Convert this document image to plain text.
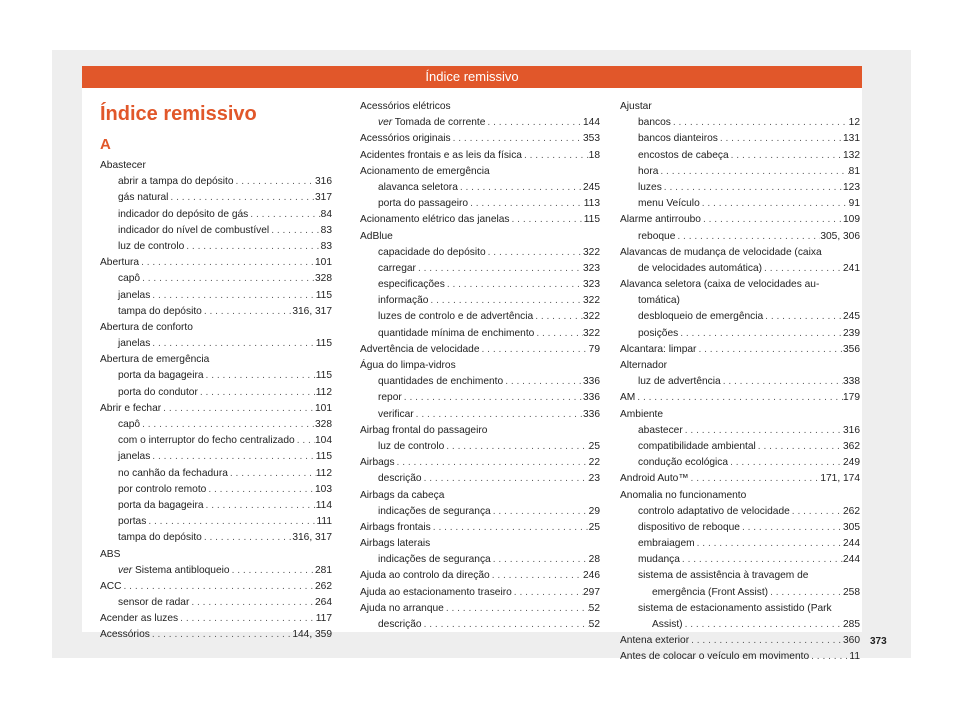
Índice remissivo
Índice remissivo
A
Abastecer
abrir a tampa do depósito . . .	316
gás natural . . .	317
indicador do depósito de gás . . .	84
indicador do nível de combustível . . .	83
luz de controlo . . .	83
Abertura . . .	101
capô . . .	328
janelas . . .	115
tampa do depósito . . .	316, 317
Abertura de conforto
janelas . . .	115
Abertura de emergência
porta da bagageira . . .	115
porta do condutor . . .	112
Abrir e fechar . . .	101
capô . . .	328
com o interruptor do fecho centralizado . . . 104
janelas . . .	115
no canhão da fechadura . . .	112
por controlo remoto . . .	103
porta da bagageira . . .	114
portas . . .	111
tampa do depósito . . .	316, 317
ABS
ver Sistema antibloqueio . . .	281
ACC . . .	262
sensor de radar . . .	264
Acender as luzes . . .	117
Acessórios . . .	144, 359
Acessórios elétricos
ver Tomada de corrente . . .	144
Acessórios originais . . .	353
Acidentes frontais e as leis da física . . .	18
Acionamento de emergência
alavanca seletora . . .	245
porta do passageiro . . .	113
Acionamento elétrico das janelas . . .	115
AdBlue
capacidade do depósito . . .	322
carregar . . .	323
especificações . . .	323
informação . . .	322
luzes de controlo e de advertência . . .	322
quantidade mínima de enchimento . . .	322
Advertência de velocidade . . .	79
Água do limpa-vidros
quantidades de enchimento . . .	336
repor . . .	336
verificar . . .	336
Airbag frontal do passageiro
luz de controlo . . .	25
Airbags . . .	22
descrição . . .	23
Airbags da cabeça
indicações de segurança . . .	29
Airbags frontais . . .	25
Airbags laterais
indicações de segurança . . .	28
Ajuda ao controlo da direção . . .	246
Ajuda ao estacionamento traseiro . . .	297
Ajuda no arranque . . .	52
descrição . . .	52
Ajustar
bancos . . .	12
bancos dianteiros . . .	131
encostos de cabeça . . .	132
hora . . .	81
luzes . . .	123
menu Veículo . . .	91
Alarme antirroubo . . .	109
reboque . . .	305, 306
Alavancas de mudança de velocidade (caixa
de velocidades automática) . . .	241
Alavanca seletora (caixa de velocidades au-
tomática)
desbloqueio de emergência . . .	245
posições . . .	239
Alcantara: limpar . . .	356
Alternador
luz de advertência . . .	338
AM . . .	179
Ambiente
abastecer . . .	316
compatibilidade ambiental . . .	362
condução ecológica . . .	249
Android Auto™ . . .	171, 174
Anomalia no funcionamento
controlo adaptativo de velocidade . . .	262
dispositivo de reboque . . .	305
embraiagem . . .	244
mudança . . .	244
sistema de assistência à travagem de
emergência (Front Assist) . . .	258
sistema de estacionamento assistido (Park
Assist) . . .	285
Antena exterior . . .	360
Antes de colocar o veículo em movimento . . .	11
373
